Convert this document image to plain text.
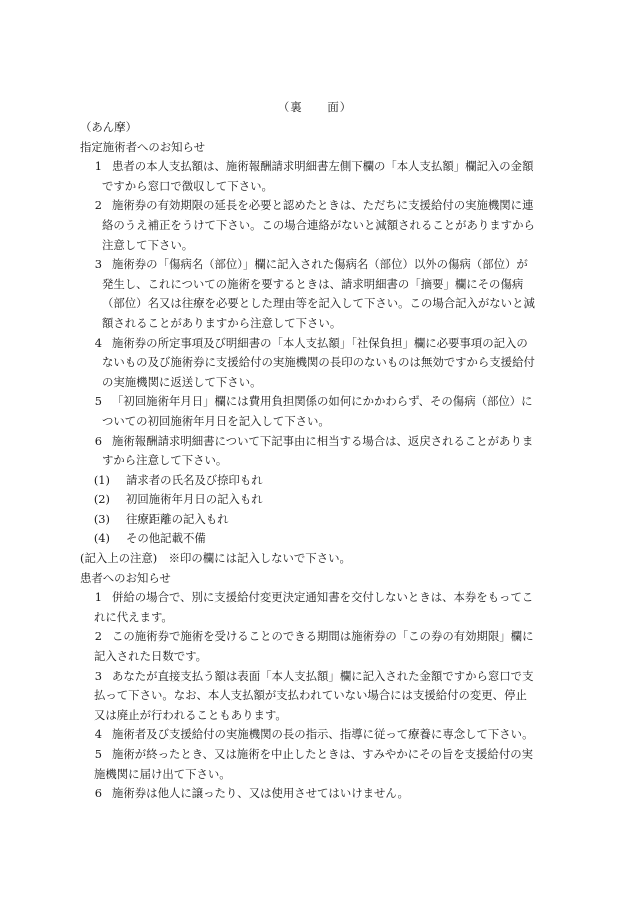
（裏　　面）
（あん摩）
指定施術者へのお知らせ
1 患者の本人支払額は、施術報酬請求明細書左側下欄の「本人支払額」欄記入の金額
ですから窓口で徴収して下さい。
2 施術券の有効期限の延長を必要と認めたときは、ただちに支援給付の実施機関に連
絡のうえ補正をうけて下さい。この場合連絡がないと減額されることがありますから
注意して下さい。
3 施術券の「傷病名（部位）」欄に記入された傷病名（部位）以外の傷病（部位）が
発生し、これについての施術を要するときは、請求明細書の「摘要」欄にその傷病
（部位）名又は往療を必要とした理由等を記入して下さい。この場合記入がないと減
額されることがありますから注意して下さい。
4 施術券の所定事項及び明細書の「本人支払額」「社保負担」欄に必要事項の記入の
ないもの及び施術券に支援給付の実施機関の長印のないものは無効ですから支援給付
の実施機関に返送して下さい。
5 「初回施術年月日」欄には費用負担関係の如何にかかわらず、その傷病（部位）に
ついての初回施術年月日を記入して下さい。
6 施術報酬請求明細書について下記事由に相当する場合は、返戻されることがありま
すから注意して下さい。
(1) 請求者の氏名及び捺印もれ
(2) 初回施術年月日の記入もれ
(3) 往療距離の記入もれ
(4) その他記載不備
(記入上の注意)　※印の欄には記入しないで下さい。
患者へのお知らせ
1 併給の場合で、別に支援給付変更決定通知書を交付しないときは、本券をもってこ
れに代えます。
2 この施術券で施術を受けることのできる期間は施術券の「この券の有効期限」欄に
記入された日数です。
3 あなたが直接支払う額は表面「本人支払額」欄に記入された金額ですから窓口で支
払って下さい。なお、本人支払額が支払われていない場合には支援給付の変更、停止
又は廃止が行われることもあります。
4 施術者及び支援給付の実施機関の長の指示、指導に従って療養に専念して下さい。
5 施術が終ったとき、又は施術を中止したときは、すみやかにその旨を支援給付の実
施機関に届け出て下さい。
6 施術券は他人に譲ったり、又は使用させてはいけません。
